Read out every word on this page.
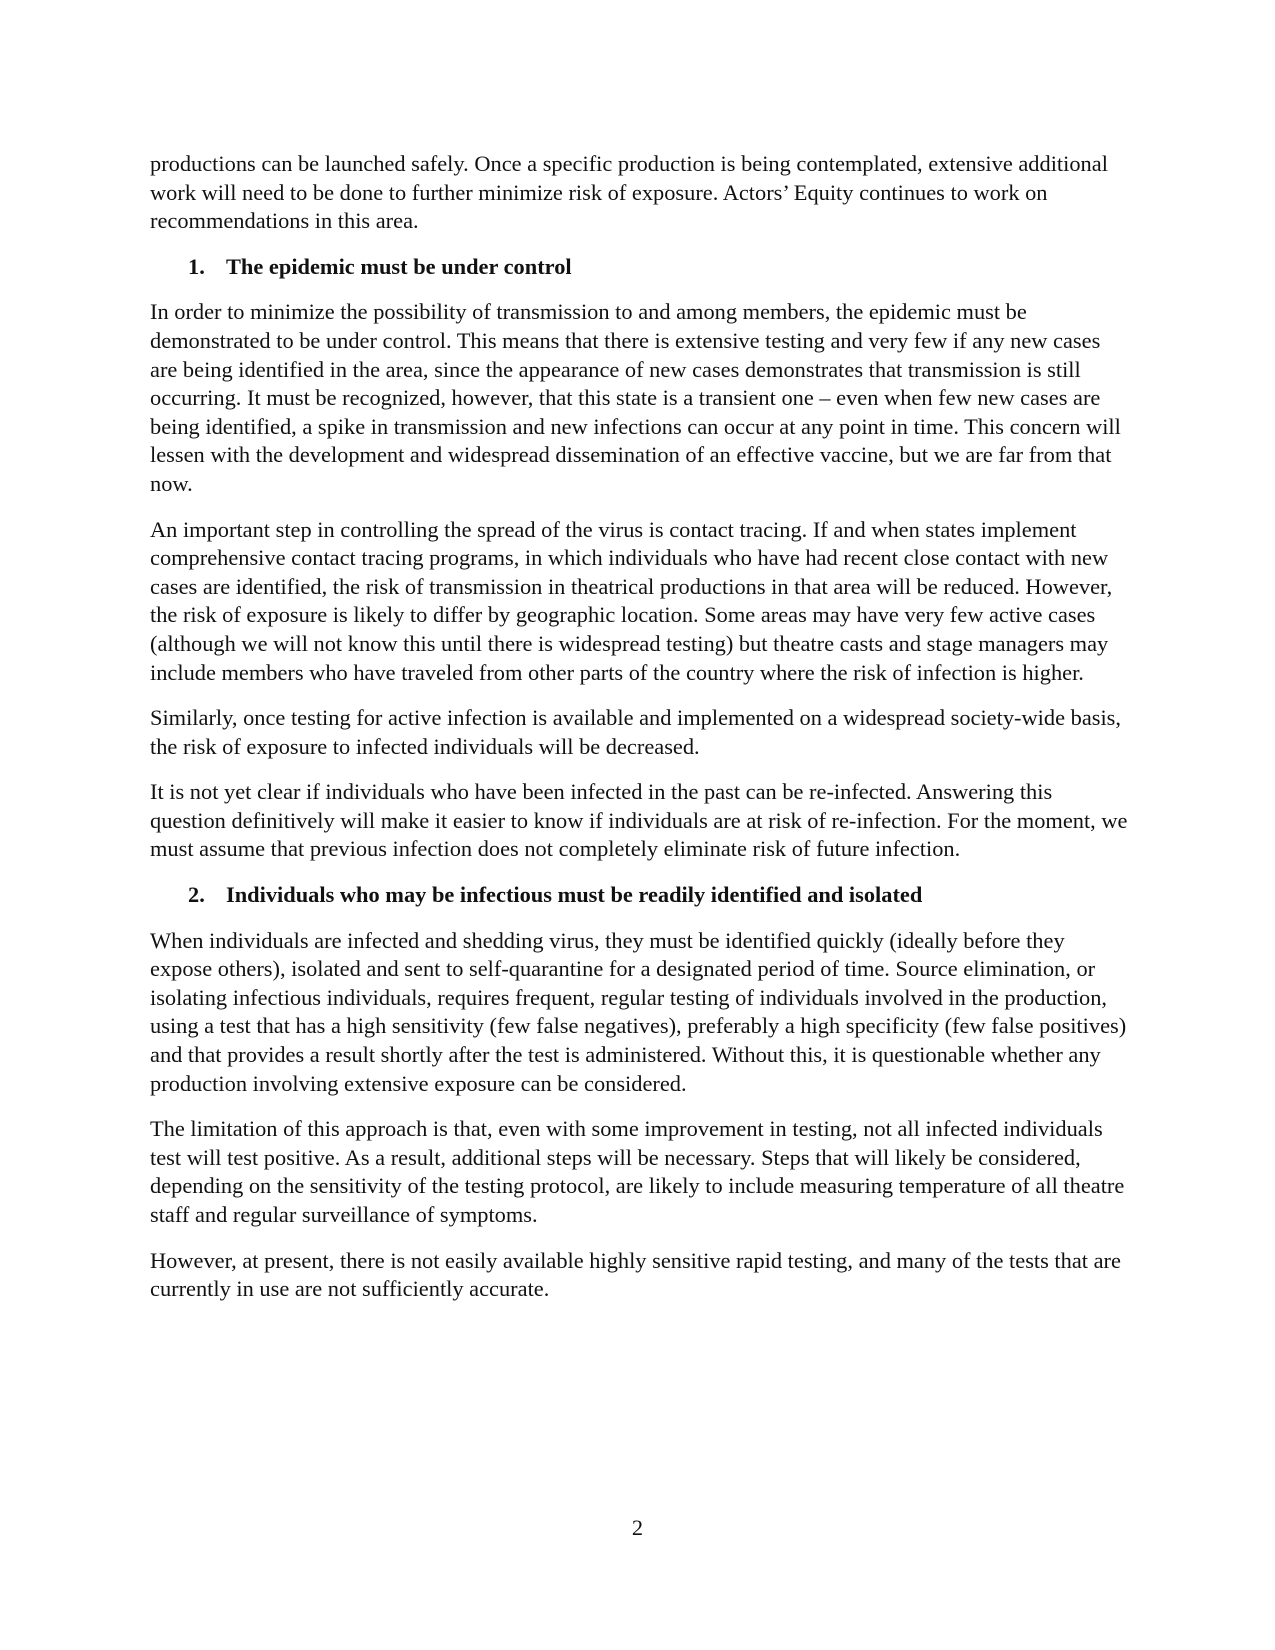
productions can be launched safely. Once a specific production is being contemplated, extensive additional work will need to be done to further minimize risk of exposure. Actors’ Equity continues to work on recommendations in this area.

1. The epidemic must be under control

In order to minimize the possibility of transmission to and among members, the epidemic must be demonstrated to be under control. This means that there is extensive testing and very few if any new cases are being identified in the area, since the appearance of new cases demonstrates that transmission is still occurring. It must be recognized, however, that this state is a transient one – even when few new cases are being identified, a spike in transmission and new infections can occur at any point in time. This concern will lessen with the development and widespread dissemination of an effective vaccine, but we are far from that now.

An important step in controlling the spread of the virus is contact tracing. If and when states implement comprehensive contact tracing programs, in which individuals who have had recent close contact with new cases are identified, the risk of transmission in theatrical productions in that area will be reduced. However, the risk of exposure is likely to differ by geographic location. Some areas may have very few active cases (although we will not know this until there is widespread testing) but theatre casts and stage managers may include members who have traveled from other parts of the country where the risk of infection is higher.

Similarly, once testing for active infection is available and implemented on a widespread society-wide basis, the risk of exposure to infected individuals will be decreased.

It is not yet clear if individuals who have been infected in the past can be re-infected. Answering this question definitively will make it easier to know if individuals are at risk of re-infection. For the moment, we must assume that previous infection does not completely eliminate risk of future infection.

2. Individuals who may be infectious must be readily identified and isolated

When individuals are infected and shedding virus, they must be identified quickly (ideally before they expose others), isolated and sent to self-quarantine for a designated period of time. Source elimination, or isolating infectious individuals, requires frequent, regular testing of individuals involved in the production, using a test that has a high sensitivity (few false negatives), preferably a high specificity (few false positives) and that provides a result shortly after the test is administered. Without this, it is questionable whether any production involving extensive exposure can be considered.

The limitation of this approach is that, even with some improvement in testing, not all infected individuals test will test positive. As a result, additional steps will be necessary. Steps that will likely be considered, depending on the sensitivity of the testing protocol, are likely to include measuring temperature of all theatre staff and regular surveillance of symptoms.

However, at present, there is not easily available highly sensitive rapid testing, and many of the tests that are currently in use are not sufficiently accurate.

2
